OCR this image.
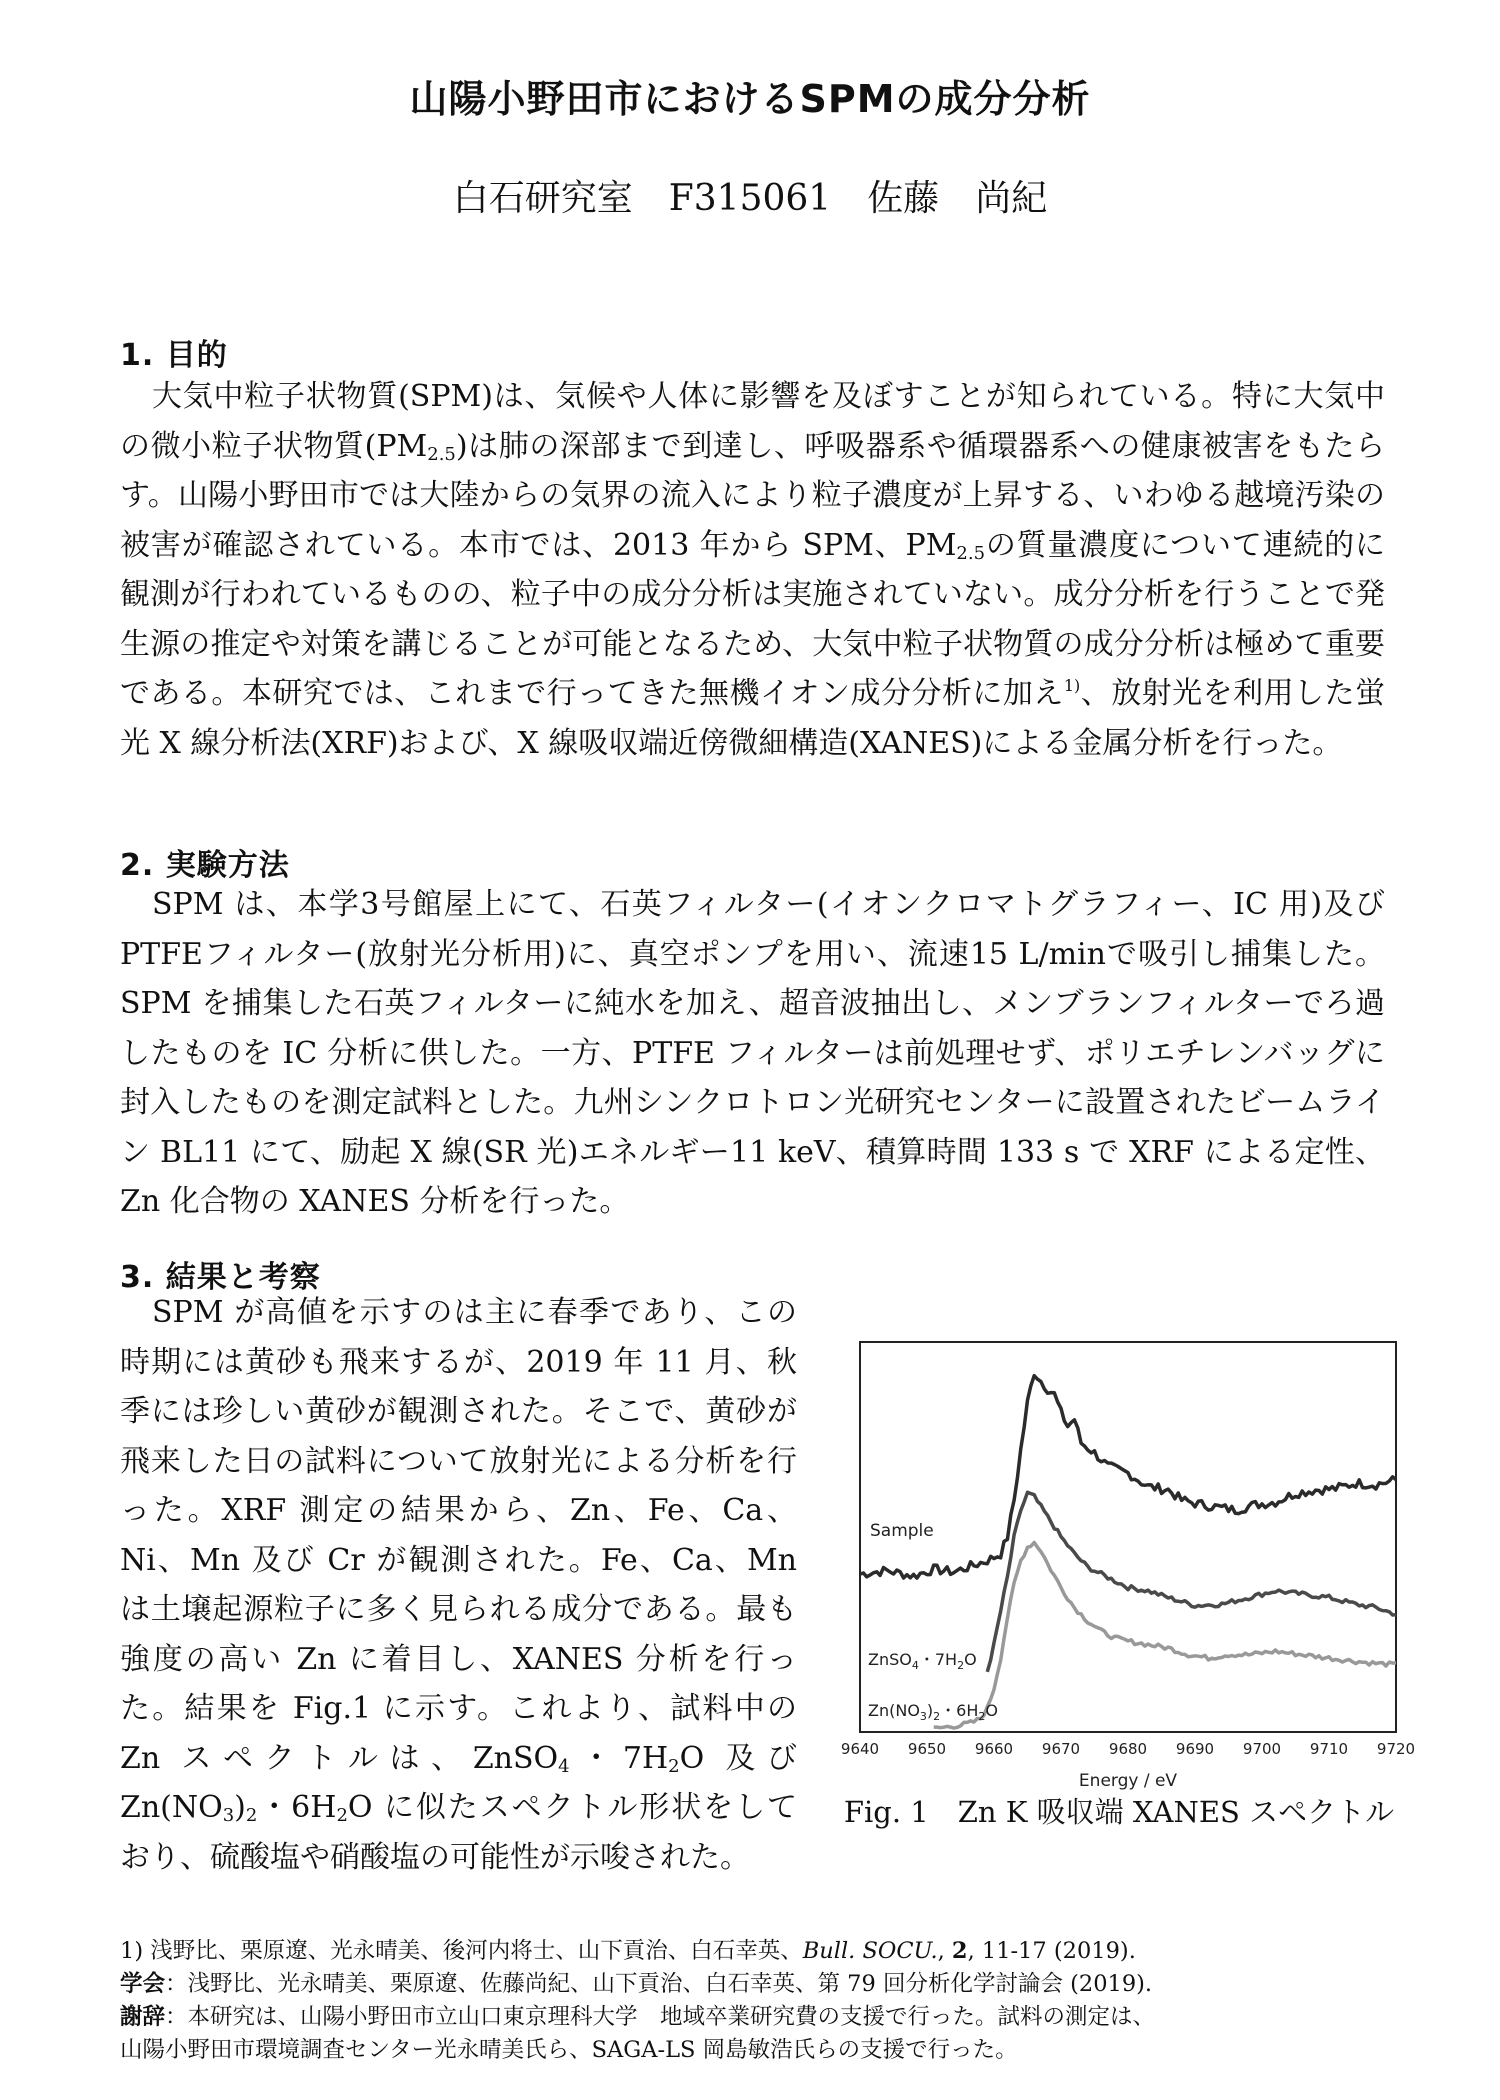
山陽小野田市におけるSPMの成分分析
白石研究室　F315061　佐藤　尚紀
1. 目的

大気中粒子状物質(SPM)は、気候や人体に影響を及ぼすことが知られている。特に大気中の微小粒子状物質$(PM_{2.5})$は肺の深部まで到達し、呼吸器系や循環器系への健康被害をもたらす。山陽小野田市では大陸からの気界の流入により粒子濃度が上昇する、いわゆる越境汚染の被害が確認されている。本市では、2013 年から SPM、$PM_{2.5}$の質量濃度について連続的に観測が行われているものの、粒子中の成分分析は実施されていない。成分分析を行うことで発生源の推定や対策を講じることが可能となるため、大気中粒子状物質の成分分析は極めて重要である。本研究では、これまで行ってきた無機イオン成分分析に加え$^{1)}$、放射光を利用した蛍光 X 線分析法(XRF)および、X 線吸収端近傍微細構造(XANES)による金属分析を行った。

2. 実験方法

SPM は、本学3号館屋上にて、石英フィルター(イオンクロマトグラフィー、IC 用)及び PTFEフィルター(放射光分析用)に、真空ポンプを用い、流速15 L/minで吸引し捕集した。SPM を捕集した石英フィルターに純水を加え、超音波抽出し、メンブランフィルターでろ過したものを IC 分析に供した。一方、PTFE フィルターは前処理せず、ポリエチレンバッグに封入したものを測定試料とした。九州シンクロトロン光研究センターに設置されたビームライン BL11 にて、励起 X 線(SR 光)エネルギー11 keV、積算時間 133 s で XRF による定性、Zn 化合物の XANES 分析を行った。

3. 結果と考察

SPM が高値を示すのは主に春季であり、この時期には黄砂も飛来するが、2019 年 11 月、秋季には珍しい黄砂が観測された。そこで、黄砂が飛来した日の試料について放射光による分析を行った。XRF 測定の結果から、Zn、Fe、Ca、Ni、Mn 及び Cr が観測された。Fe、Ca、Mn は土壌起源粒子に多く見られる成分である。最も強度の高い Zn に着目し、XANES 分析を行った。結果を Fig.1 に示す。これより、試料中の Zn スペクトルは、ZnSO$_4$・$7H_2O$ 及び $Zn(NO_3)_2$・$6H_2O$ に似たスペクトル形状をしており、硫酸塩や硝酸塩の可能性が示唆された。

9640 9650 9660 9670 9680 9690 9700 9710 9720
Sample
ZnSO$_4$・$7H_2O$
$Zn(NO_3)_2$・$6H_2O$
Energy / eV
Fig. 1　Zn K 吸収端 XANES スペクトル
1) 浅野比、栗原遼、光永晴美、後河内将士、山下貢治、白石幸英、Bull. SOCU., 2, 11-17 (2019).
学会：浅野比、光永晴美、栗原遼、佐藤尚紀、山下貢治、白石幸英、第 79 回分析化学討論会 (2019).
謝辞：本研究は、山陽小野田市立山口東京理科大学　地域卒業研究費の支援で行った。試料の測定は、
山陽小野田市環境調査センター光永晴美氏ら、SAGA-LS 岡島敏浩氏らの支援で行った。
